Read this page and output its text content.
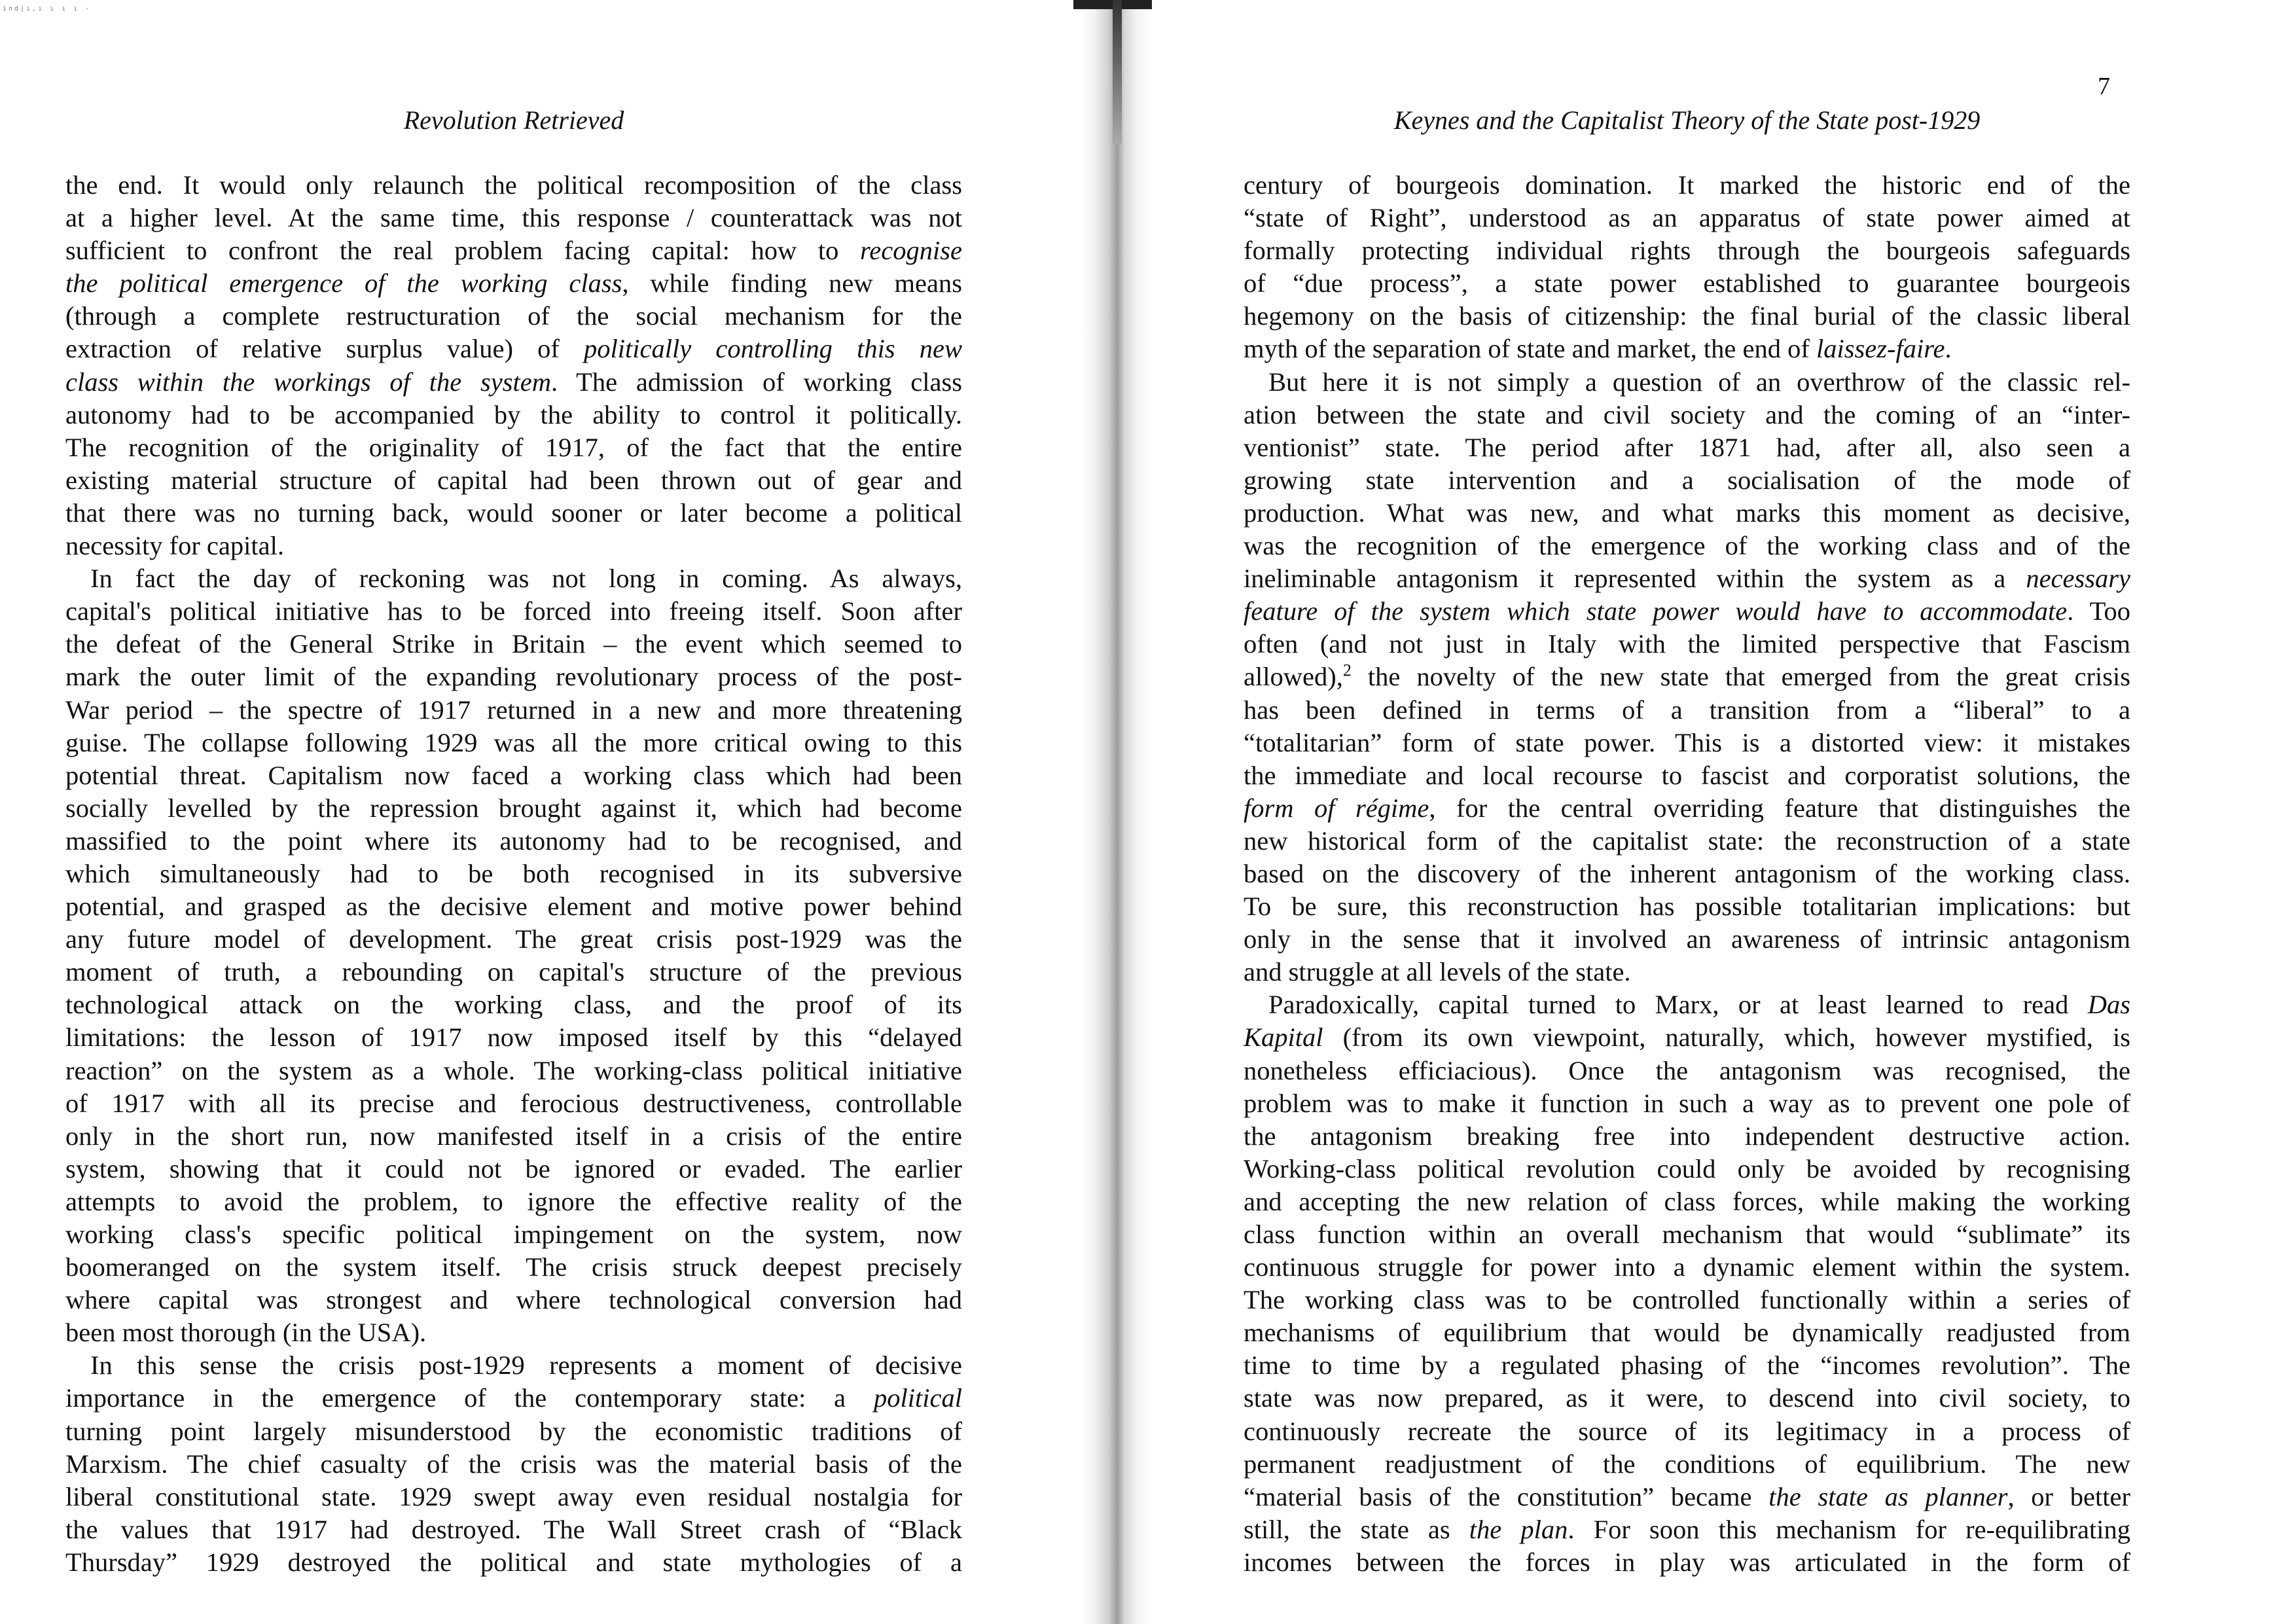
ind|ı,ı ı ı ı ·
Revolution Retrieved	Keynes and the Capitalist Theory of the State post-1929
7
the end. It would only relaunch the political recomposition of the class
at a higher level. At the same time, this response / counterattack was not
sufficient to confront the real problem facing capital: how to recognise
the political emergence of the working class, while finding new means
(through a complete restructuration of the social mechanism for the
extraction of relative surplus value) of politically controlling this new
class within the workings of the system. The admission of working class
autonomy had to be accompanied by the ability to control it politically.
The recognition of the originality of 1917, of the fact that the entire
existing material structure of capital had been thrown out of gear and
that there was no turning back, would sooner or later become a political
necessity for capital.
In fact the day of reckoning was not long in coming. As always,
capital's political initiative has to be forced into freeing itself. Soon after
the defeat of the General Strike in Britain – the event which seemed to
mark the outer limit of the expanding revolutionary process of the post-
War period – the spectre of 1917 returned in a new and more threatening
guise. The collapse following 1929 was all the more critical owing to this
potential threat. Capitalism now faced a working class which had been
socially levelled by the repression brought against it, which had become
massified to the point where its autonomy had to be recognised, and
which simultaneously had to be both recognised in its subversive
potential, and grasped as the decisive element and motive power behind
any future model of development. The great crisis post-1929 was the
moment of truth, a rebounding on capital's structure of the previous
technological attack on the working class, and the proof of its
limitations: the lesson of 1917 now imposed itself by this “delayed
reaction” on the system as a whole. The working-class political initiative
of 1917 with all its precise and ferocious destructiveness, controllable
only in the short run, now manifested itself in a crisis of the entire
system, showing that it could not be ignored or evaded. The earlier
attempts to avoid the problem, to ignore the effective reality of the
working class's specific political impingement on the system, now
boomeranged on the system itself. The crisis struck deepest precisely
where capital was strongest and where technological conversion had
been most thorough (in the USA).
In this sense the crisis post-1929 represents a moment of decisive
importance in the emergence of the contemporary state: a political
turning point largely misunderstood by the economistic traditions of
Marxism. The chief casualty of the crisis was the material basis of the
liberal constitutional state. 1929 swept away even residual nostalgia for
the values that 1917 had destroyed. The Wall Street crash of “Black
Thursday” 1929 destroyed the political and state mythologies of a
century of bourgeois domination. It marked the historic end of the
“state of Right”, understood as an apparatus of state power aimed at
formally protecting individual rights through the bourgeois safeguards
of “due process”, a state power established to guarantee bourgeois
hegemony on the basis of citizenship: the final burial of the classic liberal
myth of the separation of state and market, the end of laissez-faire.
But here it is not simply a question of an overthrow of the classic rel-
ation between the state and civil society and the coming of an “inter-
ventionist” state. The period after 1871 had, after all, also seen a
growing state intervention and a socialisation of the mode of
production. What was new, and what marks this moment as decisive,
was the recognition of the emergence of the working class and of the
ineliminable antagonism it represented within the system as a necessary
feature of the system which state power would have to accommodate. Too
often (and not just in Italy with the limited perspective that Fascism
allowed),$^2$ the novelty of the new state that emerged from the great crisis
has been defined in terms of a transition from a “liberal” to a
“totalitarian” form of state power. This is a distorted view: it mistakes
the immediate and local recourse to fascist and corporatist solutions, the
form of régime, for the central overriding feature that distinguishes the
new historical form of the capitalist state: the reconstruction of a state
based on the discovery of the inherent antagonism of the working class.
To be sure, this reconstruction has possible totalitarian implications: but
only in the sense that it involved an awareness of intrinsic antagonism
and struggle at all levels of the state.
Paradoxically, capital turned to Marx, or at least learned to read Das
Kapital (from its own viewpoint, naturally, which, however mystified, is
nonetheless efficiacious). Once the antagonism was recognised, the
problem was to make it function in such a way as to prevent one pole of
the antagonism breaking free into independent destructive action.
Working-class political revolution could only be avoided by recognising
and accepting the new relation of class forces, while making the working
class function within an overall mechanism that would “sublimate” its
continuous struggle for power into a dynamic element within the system.
The working class was to be controlled functionally within a series of
mechanisms of equilibrium that would be dynamically readjusted from
time to time by a regulated phasing of the “incomes revolution”. The
state was now prepared, as it were, to descend into civil society, to
continuously recreate the source of its legitimacy in a process of
permanent readjustment of the conditions of equilibrium. The new
“material basis of the constitution” became the state as planner, or better
still, the state as the plan. For soon this mechanism for re-equilibrating
incomes between the forces in play was articulated in the form of
